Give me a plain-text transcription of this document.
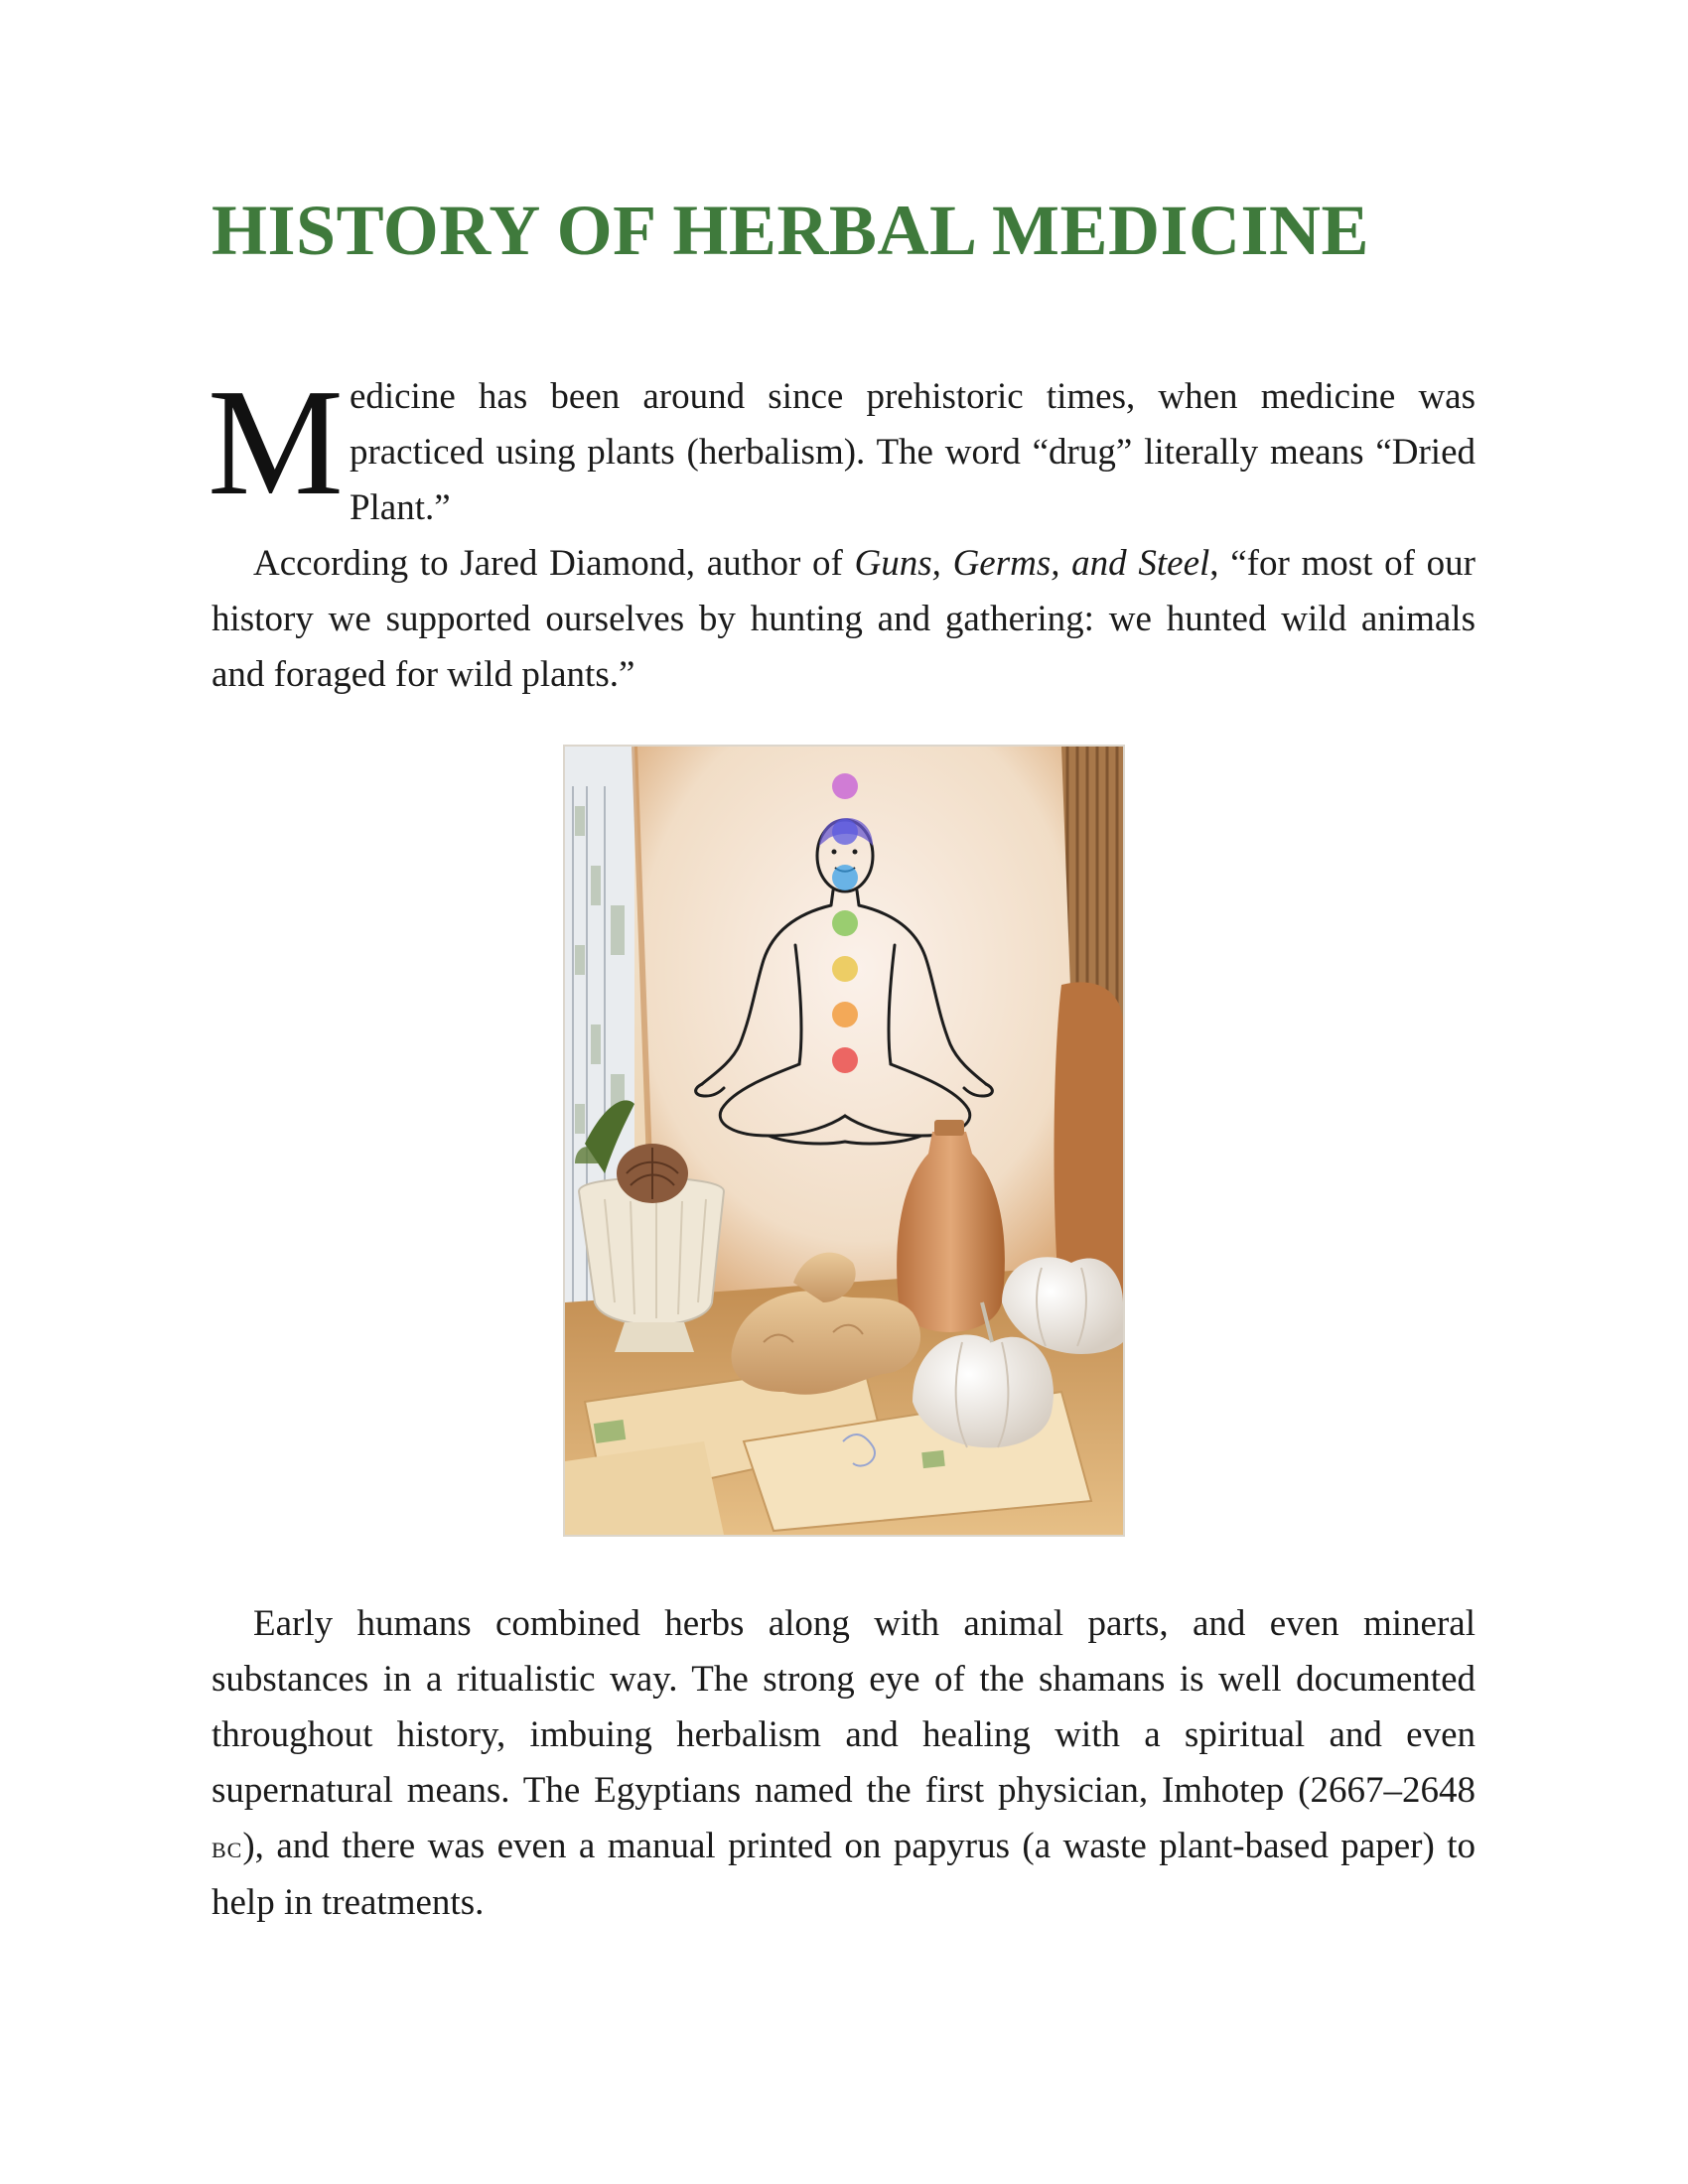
HISTORY OF HERBAL MEDICINE

Medicine has been around since prehistoric times, when medicine was practiced using plants (herbalism). The word “drug” literally means “Dried Plant.”

According to Jared Diamond, author of Guns, Germs, and Steel, “for most of our history we supported ourselves by hunting and gathering: we hunted wild animals and foraged for wild plants.”

Early humans combined herbs along with animal parts, and even mineral substances in a ritualistic way. The strong eye of the shamans is well documented throughout history, imbuing herbalism and healing with a spiritual and even supernatural means. The Egyptians named the first physician, Imhotep (2667–2648 bc), and there was even a manual printed on papyrus (a waste plant-based paper) to help in treatments.
